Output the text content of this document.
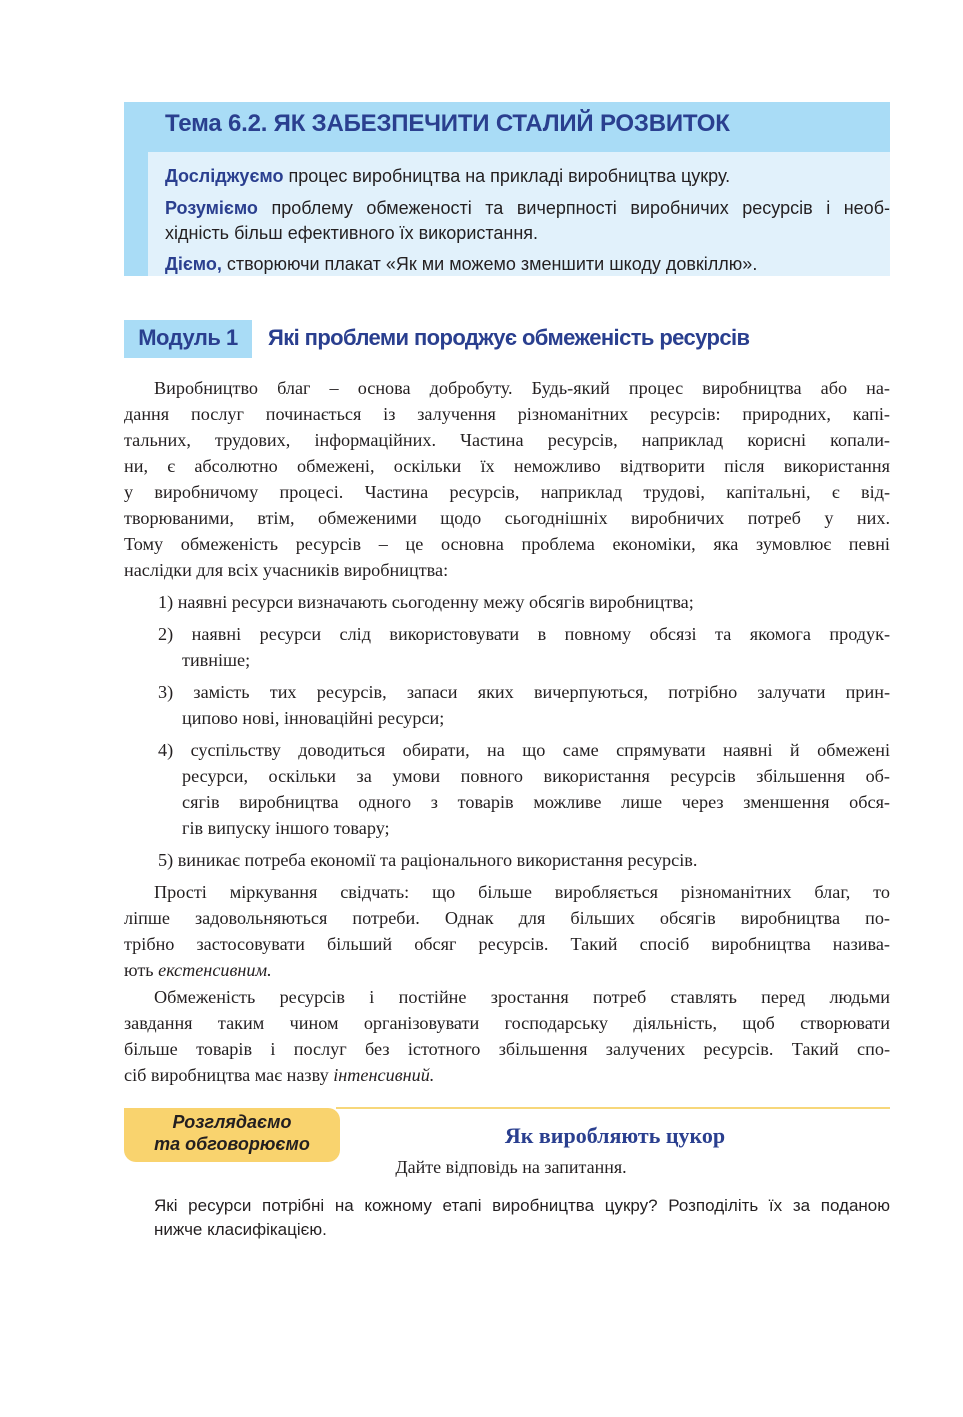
Тема 6.2. ЯК ЗАБЕЗПЕЧИТИ СТАЛИЙ РОЗВИТОК
Досліджуємо процес виробництва на прикладі виробництва цукру.
Розуміємо проблему обмеженості та вичерпності виробничих ресурсів і необ-
хідність більш ефективного їх використання.
Діємо, створюючи плакат «Як ми можемо зменшити шкоду довкіллю».
Модуль 1	Які проблеми породжує обмеженість ресурсів
Виробництво благ – основа добробуту. Будь-який процес виробництва або на-
дання послуг починається із залучення різноманітних ресурсів: природних, капі-
тальних, трудових, інформаційних. Частина ресурсів, наприклад корисні копали-
ни, є абсолютно обмежені, оскільки їх неможливо відтворити після використання
у виробничому процесі. Частина ресурсів, наприклад трудові, капітальні, є від-
творюваними, втім, обмеженими щодо сьогоднішніх виробничих потреб у них.
Тому обмеженість ресурсів – це основна проблема економіки, яка зумовлює певні
наслідки для всіх учасників виробництва:
1) наявні ресурси визначають сьогоденну межу обсягів виробництва;
2) наявні ресурси слід використовувати в повному обсязі та якомога продук-
тивніше;
3) замість тих ресурсів, запаси яких вичерпуються, потрібно залучати прин-
ципово нові, інноваційні ресурси;
4) суспільству доводиться обирати, на що саме спрямувати наявні й обмежені
ресурси, оскільки за умови повного використання ресурсів збільшення об-
сягів виробництва одного з товарів можливе лише через зменшення обся-
гів випуску іншого товару;
5) виникає потреба економії та раціонального використання ресурсів.
Прості міркування свідчать: що більше виробляється різноманітних благ, то
ліпше задовольняються потреби. Однак для більших обсягів виробництва по-
трібно застосовувати більший обсяг ресурсів. Такий спосіб виробництва назива-
ють екстенсивним.
Обмеженість ресурсів і постійне зростання потреб ставлять перед людьми
завдання таким чином організовувати господарську діяльність, щоб створювати
більше товарів і послуг без істотного збільшення залучених ресурсів. Такий спо-
сіб виробництва має назву інтенсивний.
Розглядаємо
та обговорюємо	Як виробляють цукор
Дайте відповідь на запитання.
Які ресурси потрібні на кожному етапі виробництва цукру? Розподіліть їх за поданою
нижче класифікацією.
